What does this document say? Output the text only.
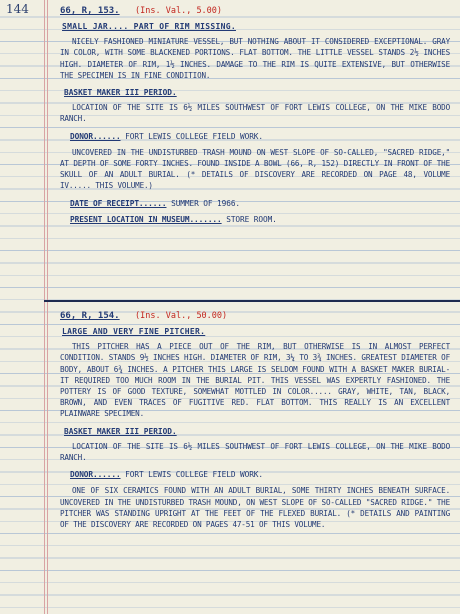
144	66, R, 153. (Ins. Val., 5.00)
SMALL JAR.... PART OF RIM MISSING.

NICELY FASHIONED MINIATURE VESSEL, BUT NOTHING ABOUT IT CONSIDERED EXCEPTIONAL. GRAY IN COLOR, WITH SOME BLACKENED PORTIONS. FLAT BOTTOM. THE LITTLE VESSEL STANDS 2½ INCHES HIGH. DIAMETER OF RIM, 1½ INCHES. DAMAGE TO THE RIM IS QUITE EXTENSIVE, BUT OTHERWISE THE SPECIMEN IS IN FINE CONDITION.

BASKET MAKER III PERIOD.

LOCATION OF THE SITE IS 6½ MILES SOUTHWEST OF FORT LEWIS COLLEGE, ON THE MIKE BODO RANCH.

DONOR...... FORT LEWIS COLLEGE FIELD WORK.

UNCOVERED IN THE UNDISTURBED TRASH MOUND ON WEST SLOPE OF SO-CALLED, "SACRED RIDGE," AT DEPTH OF SOME FORTY INCHES. FOUND INSIDE A BOWL (66, R, 152) DIRECTLY IN FRONT OF THE SKULL OF AN ADULT BURIAL. (* DETAILS OF DISCOVERY ARE RECORDED ON PAGE 48, VOLUME IV..... THIS VOLUME.)

DATE OF RECEIPT...... SUMMER OF 1966.
PRESENT LOCATION IN MUSEUM....... STORE ROOM.
66, R, 154. (Ins. Val., 50.00)
LARGE AND VERY FINE PITCHER.

THIS PITCHER HAS A PIECE OUT OF THE RIM, BUT OTHERWISE IS IN ALMOST PERFECT CONDITION. STANDS 9½ INCHES HIGH. DIAMETER OF RIM, 3¼ TO 3¾ INCHES. GREATEST DIAMETER OF BODY, ABOUT 6¾ INCHES. A PITCHER THIS LARGE IS SELDOM FOUND WITH A BASKET MAKER BURIAL- IT REQUIRED TOO MUCH ROOM IN THE BURIAL PIT. THIS VESSEL WAS EXPERTLY FASHIONED. THE POTTERY IS OF GOOD TEXTURE, SOMEWHAT MOTTLED IN COLOR..... GRAY, WHITE, TAN, BLACK, BROWN, AND EVEN TRACES OF FUGITIVE RED. FLAT BOTTOM. THIS REALLY IS AN EXCELLENT PLAINWARE SPECIMEN.

BASKET MAKER III PERIOD.

LOCATION OF THE SITE IS 6½ MILES SOUTHWEST OF FORT LEWIS COLLEGE, ON THE MIKE BODO RANCH.

DONOR...... FORT LEWIS COLLEGE FIELD WORK.

ONE OF SIX CERAMICS FOUND WITH AN ADULT BURIAL, SOME THIRTY INCHES BENEATH SURFACE. UNCOVERED IN THE UNDISTURBED TRASH MOUND, ON WEST SLOPE OF SO-CALLED "SACRED RIDGE." THE PITCHER WAS STANDING UPRIGHT AT THE FEET OF THE FLEXED BURIAL. (* DETAILS AND PAINTING OF THE DISCOVERY ARE RECORDED ON PAGES 47-51 OF THIS VOLUME.
